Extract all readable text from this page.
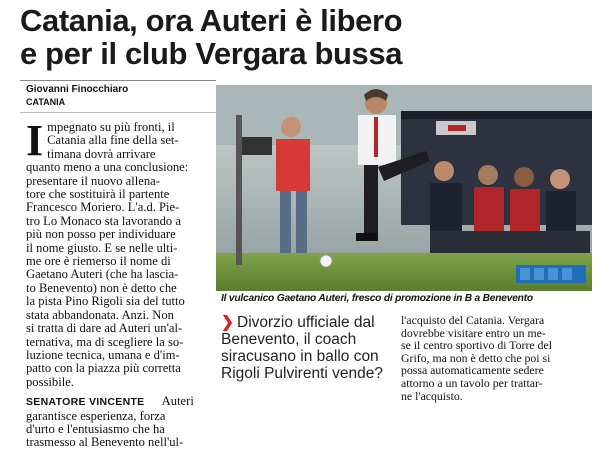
Catania, ora Auteri è libero
e per il club Vergara bussa
Giovanni Finocchiaro
CATANIA
I mpegnato su più fronti, il
Catania alla fine della set-
timana dovrà arrivare
quanto meno a una conclusione:
presentare il nuovo allena-
tore che sostituirà il partente
Francesco Moriero. L'a.d. Pie-
tro Lo Monaco sta lavorando a
più non posso per individuare
il nome giusto. E se nelle ulti-
me ore è riemerso il nome di
Gaetano Auteri (che ha lascia-
to Benevento) non è detto che
la pista Pino Rigoli sia del tutto
stata abbandonata. Anzi. Non
si tratta di dare ad Auteri un'al-
ternativa, ma di scegliere la so-
luzione tecnica, umana e d'im-
patto con la piazza più corretta
possibile.
SENATORE VINCENTE Auteri
garantisce esperienza, forza
d'urto e l'entusiasmo che ha
trasmesso al Benevento nell'ul-
Il vulcanico Gaetano Auteri, fresco di promozione in B a Benevento
❯ Divorzio ufficiale dal Benevento, il coach siracusano in ballo con Rigoli Pulvirenti vende?
l'acquisto del Catania. Vergara
dovrebbe visitare entro un me-
se il centro sportivo di Torre del
Grifo, ma non è detto che poi si
possa automaticamente sedere
attorno a un tavolo per trattar-
ne l'acquisto.
